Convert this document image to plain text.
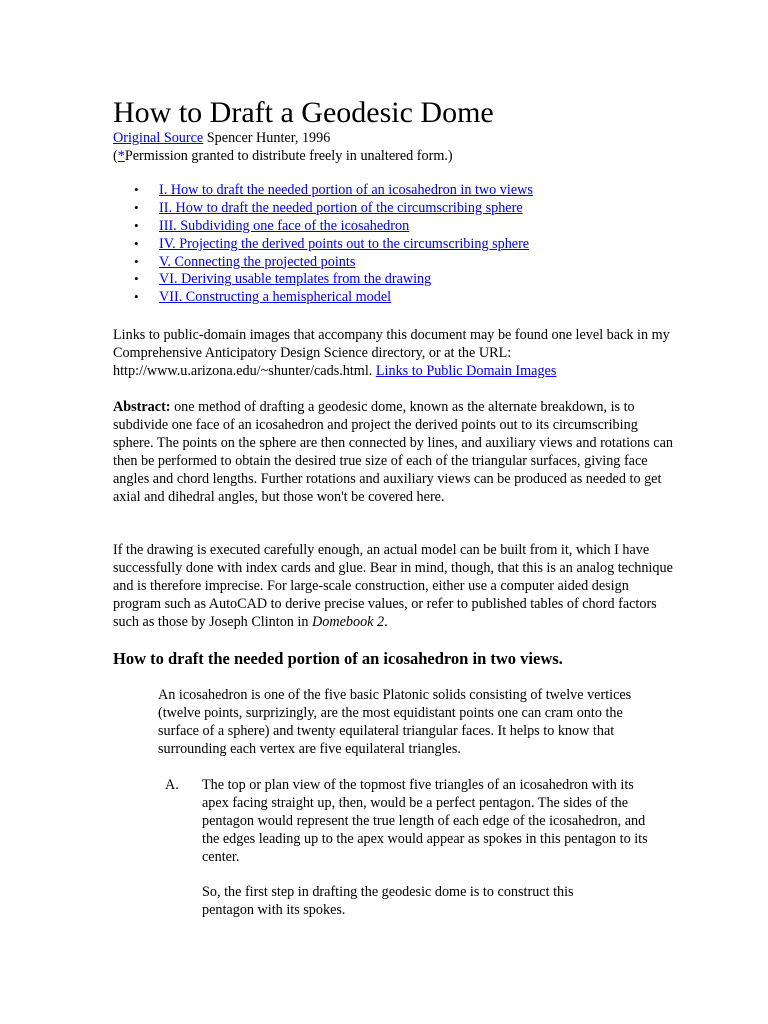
How to Draft a Geodesic Dome
Original Source Spencer Hunter, 1996
(*Permission granted to distribute freely in unaltered form.)
• I. How to draft the needed portion of an icosahedron in two views
• II. How to draft the needed portion of the circumscribing sphere
• III. Subdividing one face of the icosahedron
• IV. Projecting the derived points out to the circumscribing sphere
• V. Connecting the projected points
• VI. Deriving usable templates from the drawing
• VII. Constructing a hemispherical model

Links to public-domain images that accompany this document may be found one level back in my Comprehensive Anticipatory Design Science directory, or at the URL: http://www.u.arizona.edu/~shunter/cads.html. Links to Public Domain Images

Abstract: one method of drafting a geodesic dome, known as the alternate breakdown, is to subdivide one face of an icosahedron and project the derived points out to its circumscribing sphere. The points on the sphere are then connected by lines, and auxiliary views and rotations can then be performed to obtain the desired true size of each of the triangular surfaces, giving face angles and chord lengths. Further rotations and auxiliary views can be produced as needed to get axial and dihedral angles, but those won't be covered here.

If the drawing is executed carefully enough, an actual model can be built from it, which I have successfully done with index cards and glue. Bear in mind, though, that this is an analog technique and is therefore imprecise. For large-scale construction, either use a computer aided design program such as AutoCAD to derive precise values, or refer to published tables of chord factors such as those by Joseph Clinton in Domebook 2.

How to draft the needed portion of an icosahedron in two views.

An icosahedron is one of the five basic Platonic solids consisting of twelve vertices (twelve points, surprizingly, are the most equidistant points one can cram onto the surface of a sphere) and twenty equilateral triangular faces. It helps to know that surrounding each vertex are five equilateral triangles.

A. The top or plan view of the topmost five triangles of an icosahedron with its apex facing straight up, then, would be a perfect pentagon. The sides of the pentagon would represent the true length of each edge of the icosahedron, and the edges leading up to the apex would appear as spokes in this pentagon to its center.

So, the first step in drafting the geodesic dome is to construct this pentagon with its spokes.
